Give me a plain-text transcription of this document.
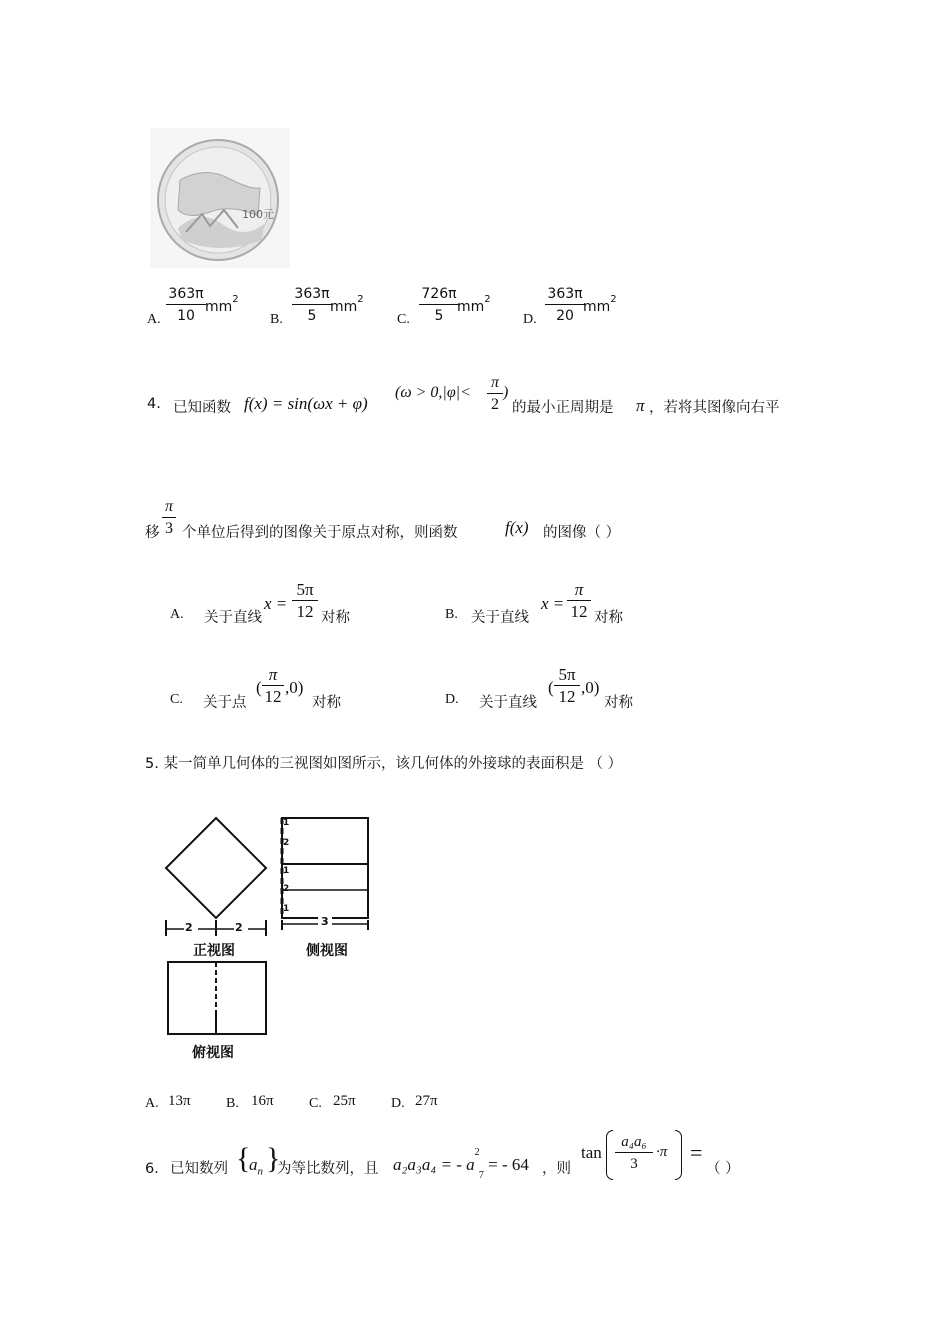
100元
A. $\frac{363\pi}{10} mm^2$
B. $\frac{363\pi}{5}$
$mm^2$
C. $\frac{726\pi}{5}$
$mm^2$
D. $\frac{363\pi}{20}$
$mm^2$
4. 已知函数 f(x) = sin(ωx + φ)
($\omega > 0,|\varphi|< \frac{\pi}{2}$ )
的最小正周期是 π ，若将其图像向右平
$\frac{\pi}{3}$
移 个单位后得到的图像关于原点对称，则函数	f(x) 的图像（ ）
A. 关于直线
$x = \frac{5\pi}{12}$ 对称	B. 关于直线
$x = \frac{\pi}{12}$ 对称
C. 关于点
( $\frac{\pi}{12} ,0$)
对称	D. 关于直线
( $\frac{5\pi}{12} ,0$)
对称
5. 某一简单几何体的三视图如图所示，该几何体的外接球的表面积是 （ ）
2	2	3
1
2
1
2
1
正视图	侧视图
俯视图
A. 13π	B. 16π	C. 25π	D. 27π
6． 已知数列 {
$a_n$ }
为等比数列，且 a₂a₃a₄ = - a
2
$_7$ = - 64 ，则
$\tan \frac{\text{a₄a₆}}{3} \cdot\pi$ =
（ ）
